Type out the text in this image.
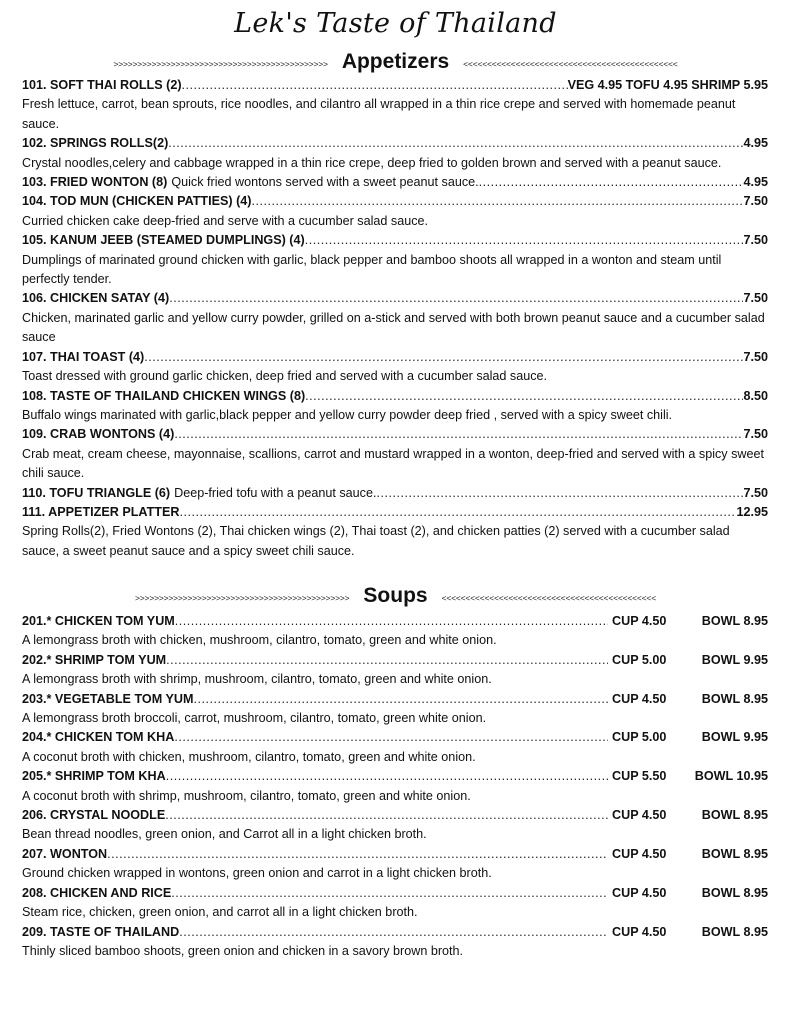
Lek's Taste of Thailand
>>>>>>>>>>>>>>>>>>>>>>>>>>>>>>>>>>>>>>>>>>>>> Appetizers <<<<<<<<<<<<<<<<<<<<<<<<<<<<<<<<<<<<<<<<<<<<<
101. SOFT THAI ROLLS (2) .....	VEG 4.95 TOFU 4.95 SHRIMP 5.95
Fresh lettuce, carrot, bean sprouts, rice noodles, and cilantro all wrapped in a thin rice crepe and served with homemade peanut sauce.
102. SPRINGS ROLLS(2) .....	4.95
Crystal noodles,celery and cabbage wrapped in a thin rice crepe, deep fried to golden brown and served with a peanut sauce.
103. FRIED WONTON (8) Quick fried wontons served with a sweet peanut sauce. .....	4.95
104. TOD MUN (CHICKEN PATTIES) (4) .....	7.50
Curried chicken cake deep-fried and serve with a cucumber salad sauce.
105. KANUM JEEB (STEAMED DUMPLINGS) (4) .....	7.50
Dumplings of marinated ground chicken with garlic, black pepper and bamboo shoots all wrapped in a wonton and steam until perfectly tender.
106. CHICKEN SATAY (4) .....	7.50
Chicken, marinated garlic and yellow curry powder, grilled on a-stick and served with both brown peanut sauce and a cucumber salad sauce
107. THAI TOAST (4) .....	7.50
Toast dressed with ground garlic chicken, deep fried and served with a cucumber salad sauce.
108. TASTE OF THAILAND CHICKEN WINGS (8) .....	8.50
Buffalo wings marinated with garlic,black pepper and yellow curry powder deep fried , served with a spicy sweet chili.
109. CRAB WONTONS (4) .....	7.50
Crab meat, cream cheese, mayonnaise, scallions, carrot and mustard wrapped in a wonton, deep-fried and served with a spicy sweet chili sauce.
110. TOFU TRIANGLE (6) Deep-fried tofu with a peanut sauce. .....	7.50
111. APPETIZER PLATTER .....	12.95
Spring Rolls(2), Fried Wontons (2), Thai chicken wings (2), Thai toast (2), and chicken patties (2) served with a cucumber salad sauce, a sweet peanut sauce and a spicy sweet chili sauce.
>>>>>>>>>>>>>>>>>>>>>>>>>>>>>>>>>>>>>>>>>>>>> Soups <<<<<<<<<<<<<<<<<<<<<<<<<<<<<<<<<<<<<<<<<<<<<
201.* CHICKEN TOM YUM .....	CUP 4.50	BOWL 8.95
A lemongrass broth with chicken, mushroom, cilantro, tomato, green and white onion.
202.* SHRIMP TOM YUM .....	CUP 5.00	BOWL 9.95
A lemongrass broth with shrimp, mushroom, cilantro, tomato, green and white onion.
203.* VEGETABLE TOM YUM .....	CUP 4.50	BOWL 8.95
A lemongrass broth broccoli, carrot, mushroom, cilantro, tomato, green white onion.
204.* CHICKEN TOM KHA .....	CUP 5.00	BOWL 9.95
A coconut broth with chicken, mushroom, cilantro, tomato, green and white onion.
205.* SHRIMP TOM KHA .....	CUP 5.50 BOWL 10.95
A coconut broth with shrimp, mushroom, cilantro, tomato, green and white onion.
206. CRYSTAL NOODLE .....	CUP 4.50	BOWL 8.95
Bean thread noodles, green onion, and Carrot all in a light chicken broth.
207. WONTON .....	CUP 4.50	BOWL 8.95
Ground chicken wrapped in wontons, green onion and carrot in a light chicken broth.
208. CHICKEN AND RICE .....	CUP 4.50	BOWL 8.95
Steam rice, chicken, green onion, and carrot all in a light chicken broth.
209. TASTE OF THAILAND .....	CUP 4.50	BOWL 8.95
Thinly sliced bamboo shoots, green onion and chicken in a savory brown broth.
